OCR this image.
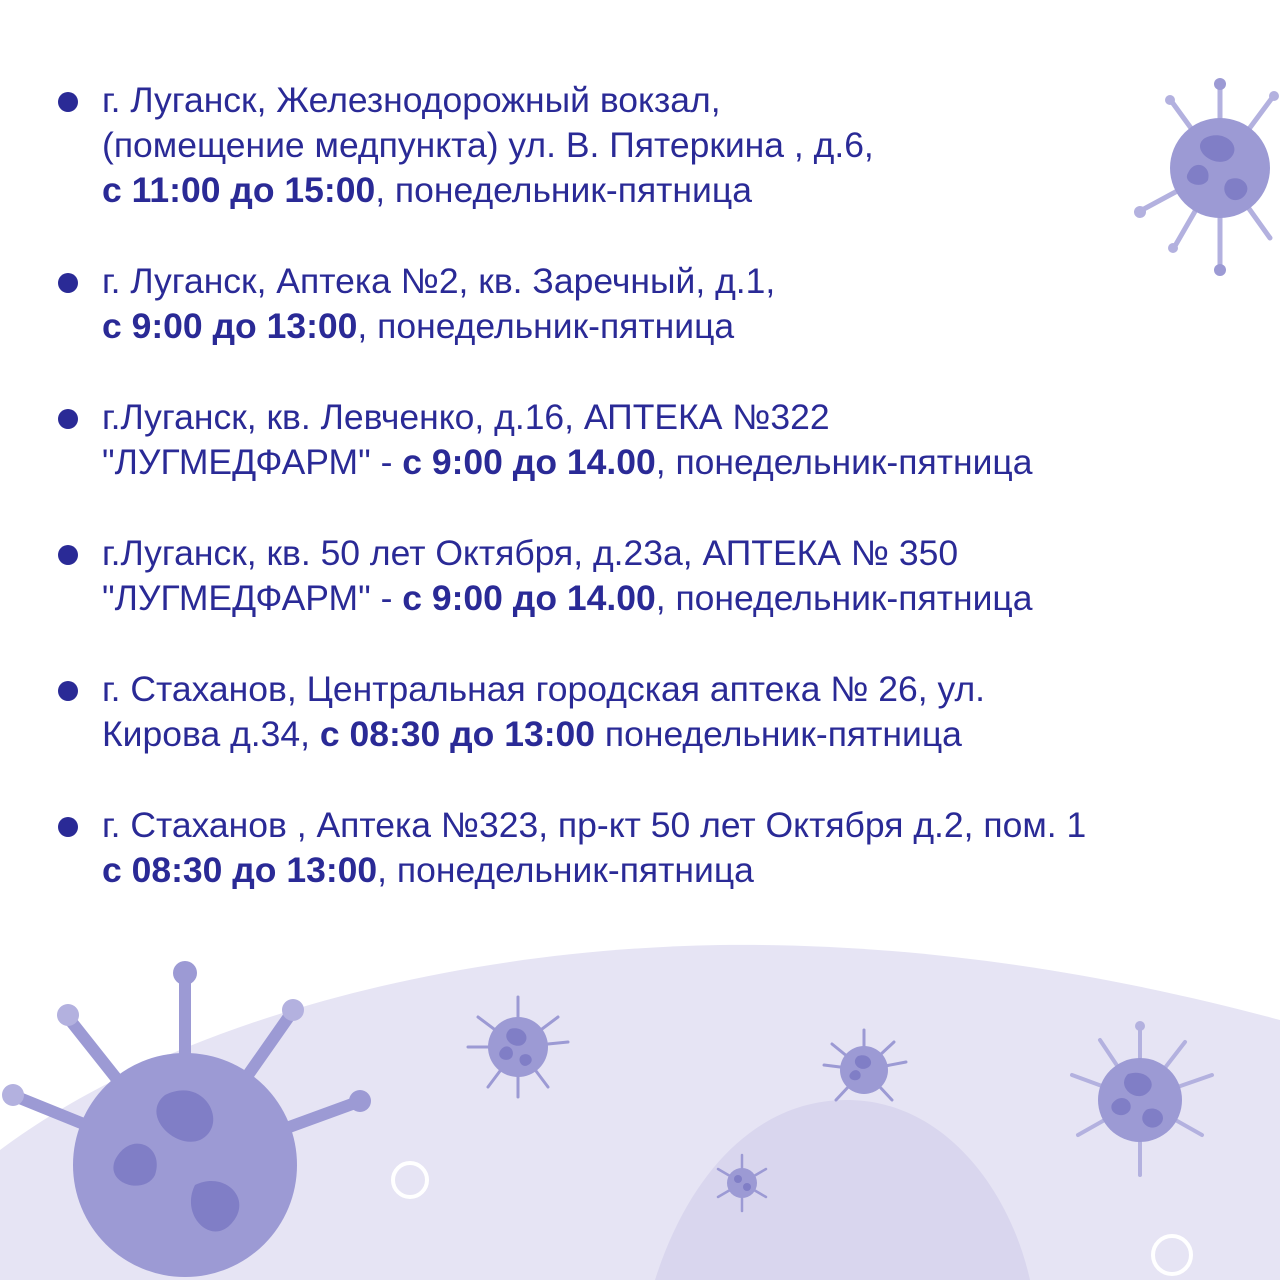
г. Луганск, Железнодорожный вокзал,
(помещение медпункта) ул. В. Пятеркина , д.6,
с 11:00 до 15:00, понедельник-пятница
г. Луганск, Аптека №2, кв. Заречный, д.1,
с 9:00 до 13:00, понедельник-пятница
г.Луганск, кв. Левченко, д.16, АПТЕКА №322
"ЛУГМЕДФАРМ" - с 9:00 до 14.00, понедельник-пятница
г.Луганск, кв. 50 лет Октября, д.23а, АПТЕКА № 350
"ЛУГМЕДФАРМ" - с 9:00 до 14.00, понедельник-пятница
г. Стаханов, Центральная городская аптека № 26, ул.
Кирова д.34, с 08:30 до 13:00 понедельник-пятница
г. Стаханов , Аптека №323, пр-кт 50 лет Октября д.2, пом. 1
с 08:30 до 13:00, понедельник-пятница
